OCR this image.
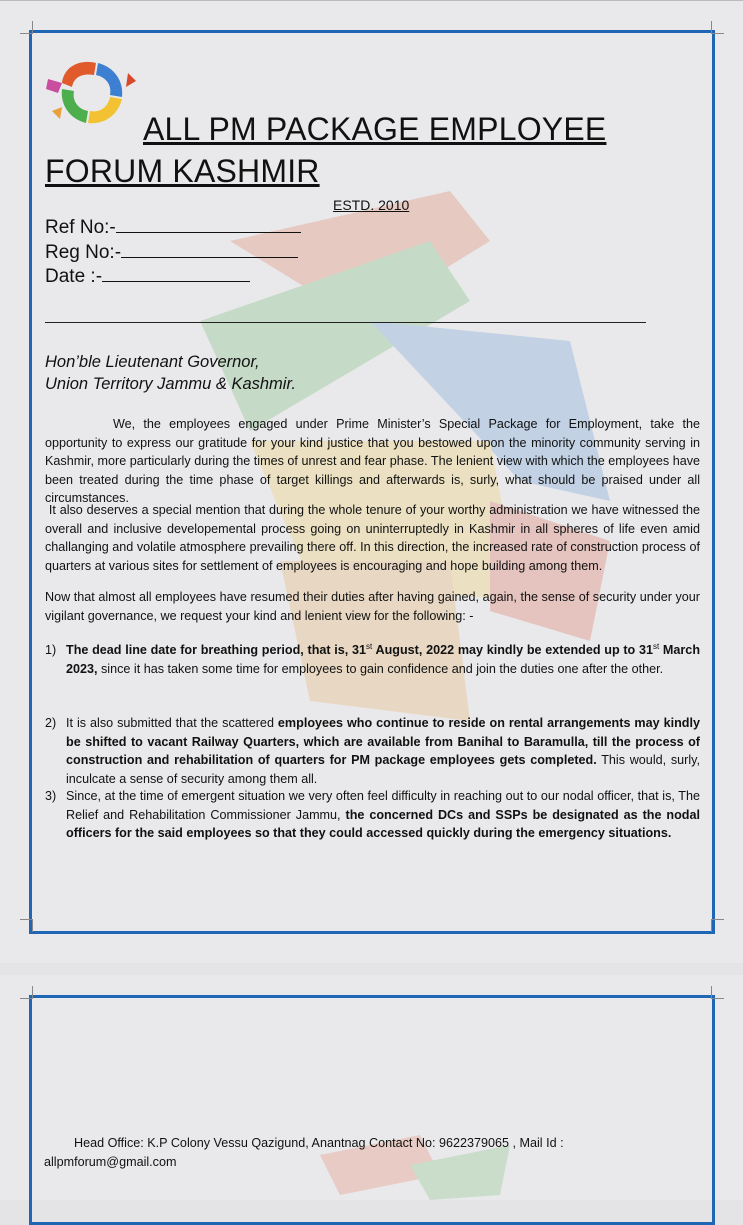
ALL PM PACKAGE EMPLOYEE
FORUM KASHMIR
ESTD. 2010
Ref No:-
Reg No:-
Date :-
Hon’ble Lieutenant Governor,
Union Territory Jammu & Kashmir.
We, the employees engaged under Prime Minister’s Special Package for Employment, take the opportunity to express our gratitude for your kind justice that you bestowed upon the minority community serving in Kashmir, more particularly during the times of unrest and fear phase. The lenient view with which the employees have been treated during the time phase of target killings and afterwards is, surly, what should be praised under all circumstances.
It also deserves a special mention that during the whole tenure of your worthy administration we have witnessed the overall and inclusive developemental process going on uninterruptedly in Kashmir in all spheres of life even amid challanging and volatile atmosphere prevailing there off. In this direction, the increased rate of construction process of quarters at various sites for settlement of employees is encouraging and hope building among them.
Now that almost all employees have resumed their duties after having gained, again, the sense of security under your vigilant governance, we request your kind and lenient view for the following: -
1) The dead line date for breathing period, that is, 31st August, 2022 may kindly be extended up to 31st March 2023, since it has taken some time for employees to gain confidence and join the duties one after the other.
2) It is also submitted that the scattered employees who continue to reside on rental arrangements may kindly be shifted to vacant Railway Quarters, which are available from Banihal to Baramulla, till the process of construction and rehabilitation of quarters for PM package employees gets completed. This would, surly, inculcate a sense of security among them all.
3) Since, at the time of emergent situation we very often feel difficulty in reaching out to our nodal officer, that is, The Relief and Rehabilitation Commissioner Jammu, the concerned DCs and SSPs be designated as the nodal officers for the said employees so that they could accessed quickly during the emergency situations.
Head Office: K.P Colony Vessu Qazigund, Anantnag Contact No: 9622379065 , Mail Id :
allpmforum@gmail.com
